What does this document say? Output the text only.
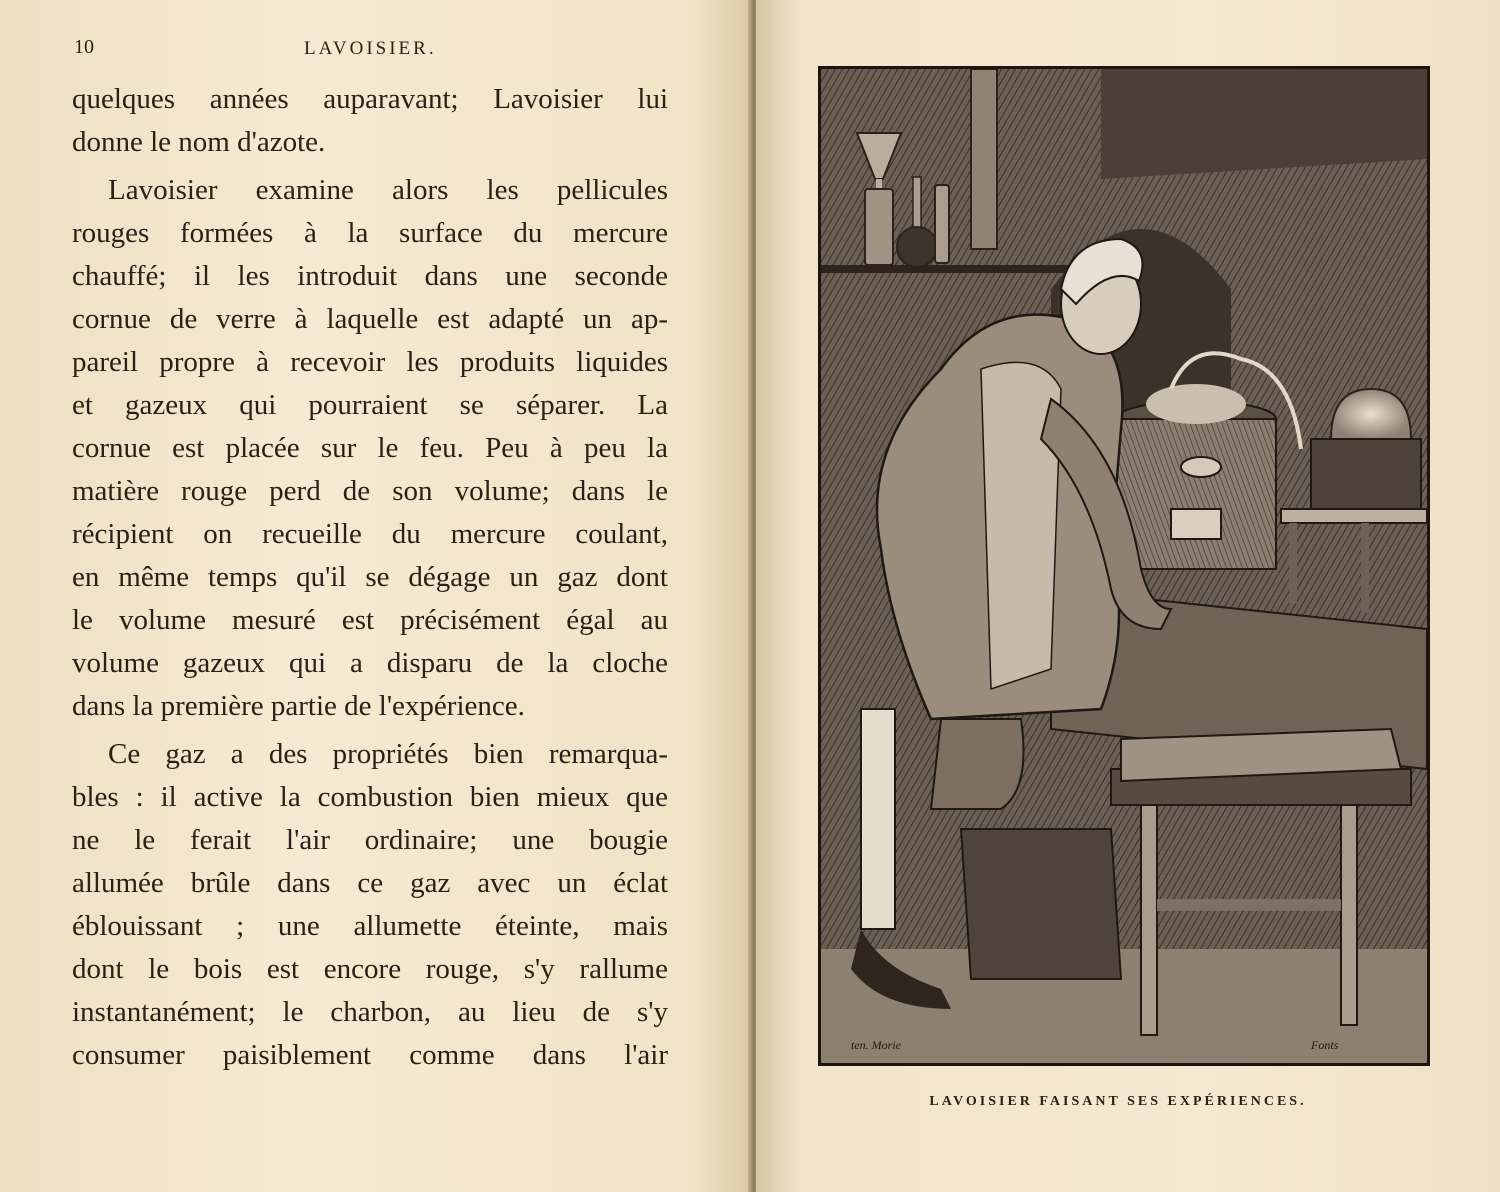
10	LAVOISIER.
quelques années auparavant; Lavoisier lui
donne le nom d'azote.
Lavoisier examine alors les pellicules
rouges formées à la surface du mercure
chauffé; il les introduit dans une seconde
cornue de verre à laquelle est adapté un ap-
pareil propre à recevoir les produits liquides
et gazeux qui pourraient se séparer. La
cornue est placée sur le feu. Peu à peu la
matière rouge perd de son volume; dans le
récipient on recueille du mercure coulant,
en même temps qu'il se dégage un gaz dont
le volume mesuré est précisément égal au
volume gazeux qui a disparu de la cloche
dans la première partie de l'expérience.
Ce gaz a des propriétés bien remarqua-
bles : il active la combustion bien mieux que
ne le ferait l'air ordinaire; une bougie
allumée brûle dans ce gaz avec un éclat
éblouissant ; une allumette éteinte, mais
dont le bois est encore rouge, s'y rallume
instantanément; le charbon, au lieu de s'y
consumer paisiblement comme dans l'air	ten. Morie	Fonts
LAVOISIER FAISANT SES EXPÉRIENCES.
